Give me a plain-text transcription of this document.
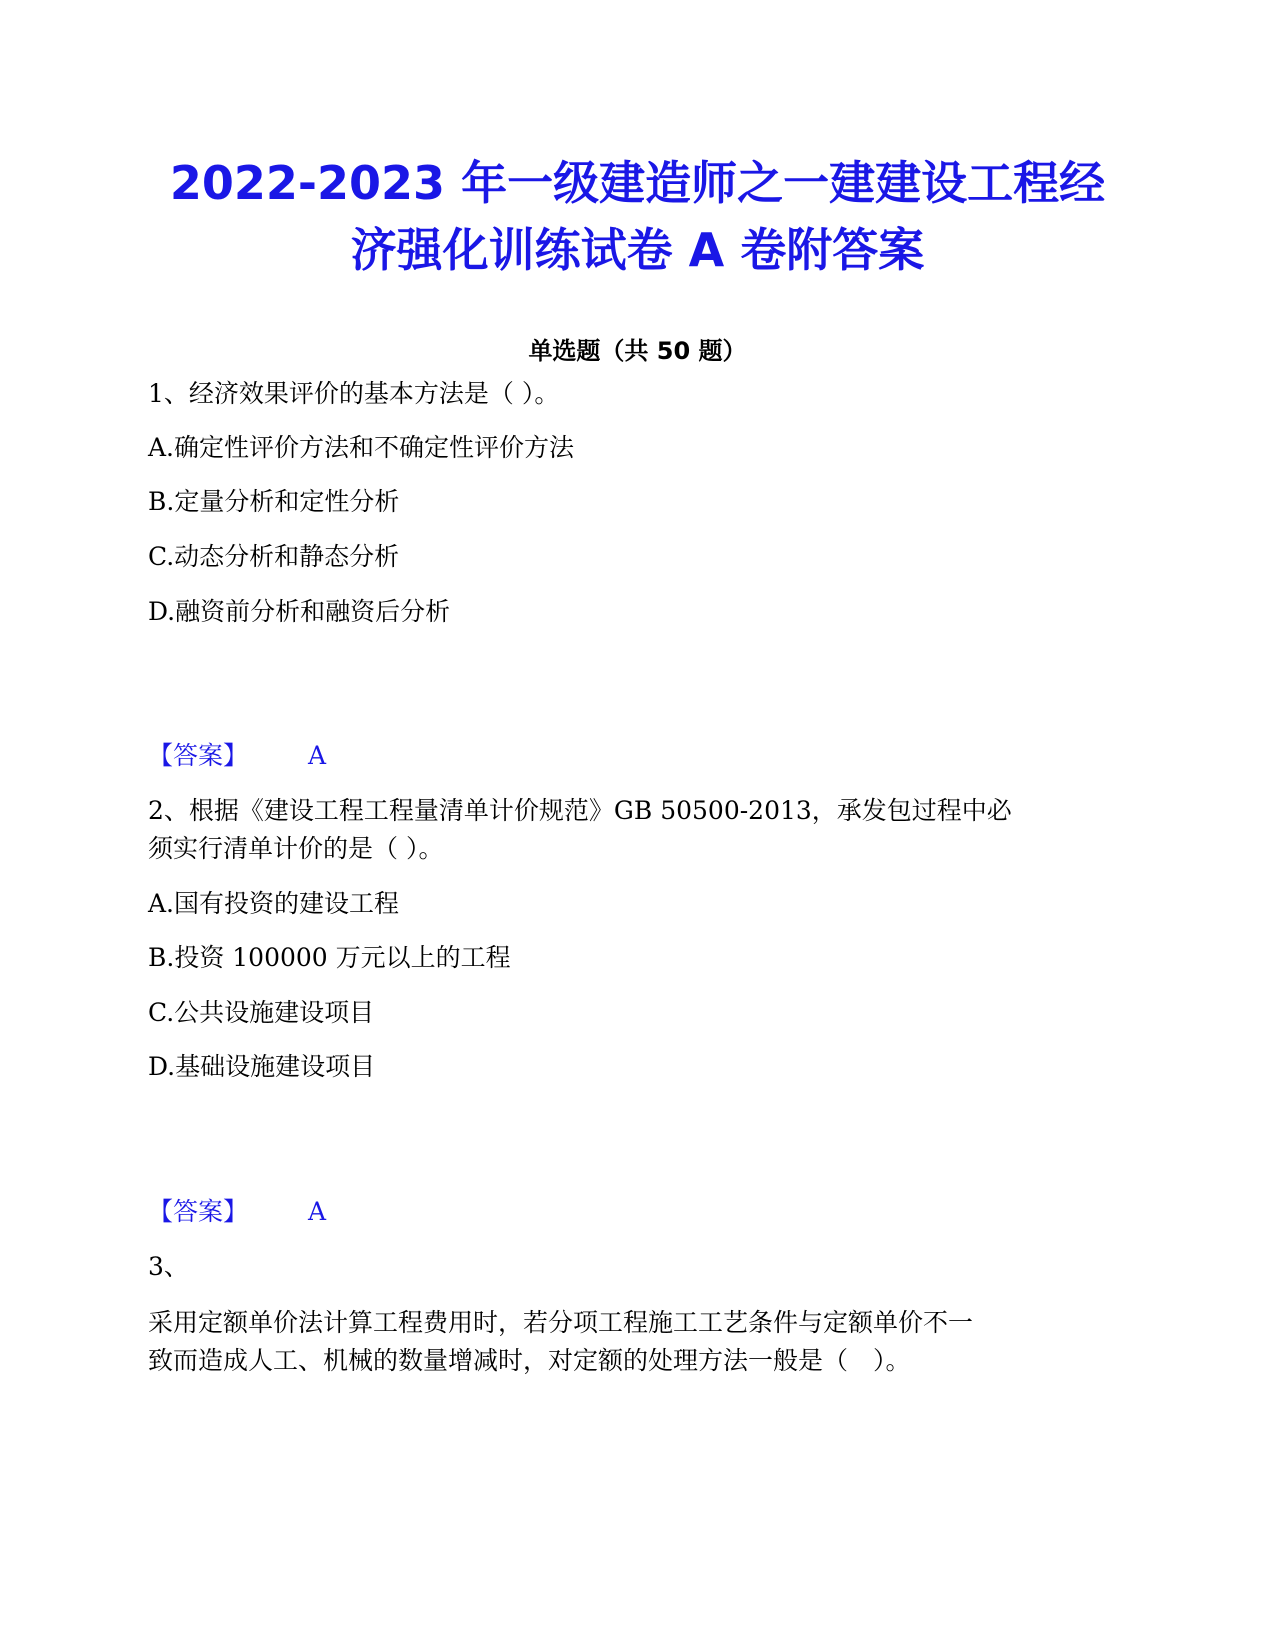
2022-2023 年一级建造师之一建建设工程经
济强化训练试卷 A 卷附答案
单选题（共 50 题）
1、经济效果评价的基本方法是（ ）。
A.确定性评价方法和不确定性评价方法
B.定量分析和定性分析
C.动态分析和静态分析
D.融资前分析和融资后分析
【答案】 A
2、根据《建设工程工程量清单计价规范》GB 50500-2013，承发包过程中必
须实行清单计价的是（ ）。
A.国有投资的建设工程
B.投资 100000 万元以上的工程
C.公共设施建设项目
D.基础设施建设项目
【答案】 A
3、
采用定额单价法计算工程费用时，若分项工程施工工艺条件与定额单价不一
致而造成人工、机械的数量增减时，对定额的处理方法一般是（　）。
